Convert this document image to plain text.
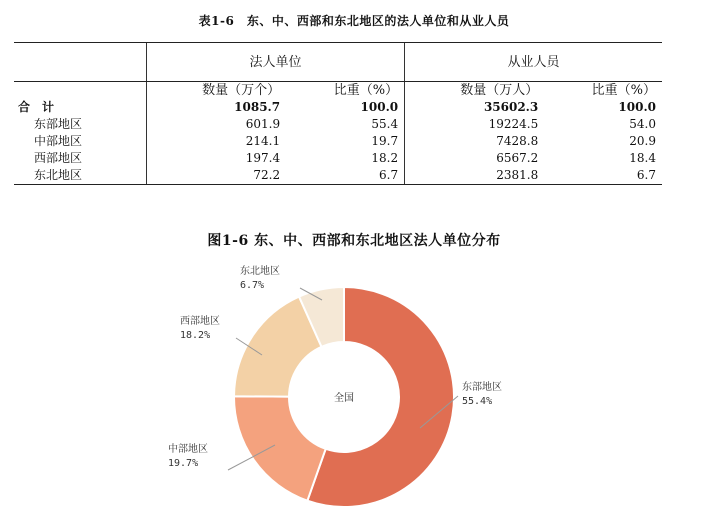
表1-6　东、中、西部和东北地区的法人单位和从业人员
	法人单位		从业人员	
	数量（万个）	比重（%）	数量（万人）	比重（%）
合　计	1085.7	100.0	35602.3	100.0
东部地区	601.9	55.4	19224.5	54.0
中部地区	214.1	19.7	7428.8	20.9
西部地区	197.4	18.2	6567.2	18.4
东北地区	72.2	6.7	2381.8	6.7
图1-6 东、中、西部和东北地区法人单位分布
东部地区
55.4%
中部地区
19.7%
西部地区
18.2%
东北地区
6.7%
全国
